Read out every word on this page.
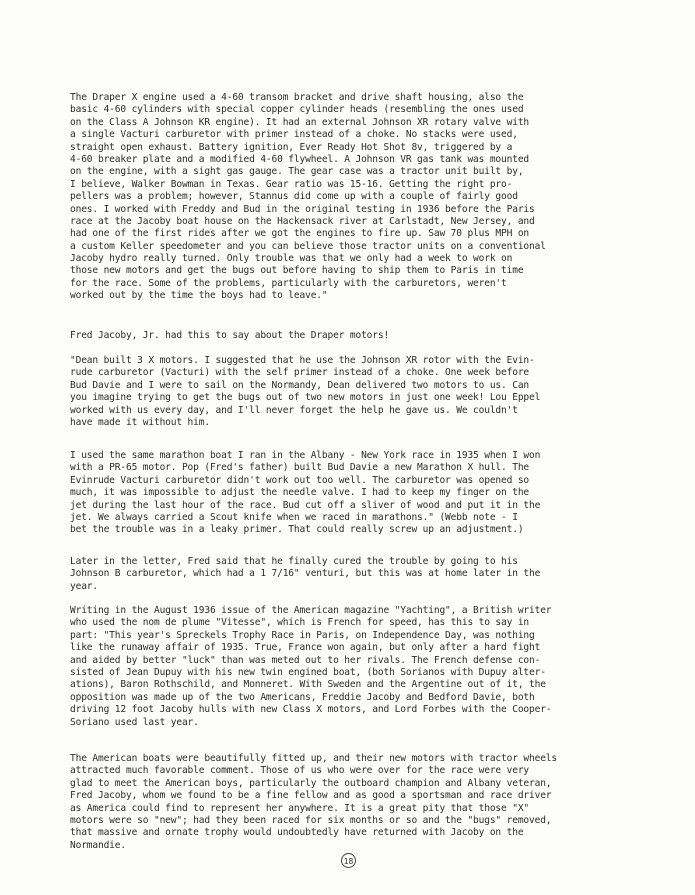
The Draper X engine used a 4-60 transom bracket and drive shaft housing, also the
basic 4-60 cylinders with special copper cylinder heads (resembling the ones used
on the Class A Johnson KR engine). It had an external Johnson XR rotary valve with
a single Vacturi carburetor with primer instead of a choke. No stacks were used,
straight open exhaust. Battery ignition, Ever Ready Hot Shot 8v, triggered by a
4-60 breaker plate and a modified 4-60 flywheel. A Johnson VR gas tank was mounted
on the engine, with a sight gas gauge. The gear case was a tractor unit built by,
I believe, Walker Bowman in Texas. Gear ratio was 15-16. Getting the right pro-
pellers was a problem; however, Stannus did come up with a couple of fairly good
ones. I worked with Freddy and Bud in the original testing in 1936 before the Paris
race at the Jacoby boat house on the Hackensack river at Carlstadt, New Jersey, and
had one of the first rides after we got the engines to fire up. Saw 70 plus MPH on
a custom Keller speedometer and you can believe those tractor units on a conventional
Jacoby hydro really turned. Only trouble was that we only had a week to work on
those new motors and get the bugs out before having to ship them to Paris in time
for the race. Some of the problems, particularly with the carburetors, weren't
worked out by the time the boys had to leave."
Fred Jacoby, Jr. had this to say about the Draper motors!
"Dean built 3 X motors. I suggested that he use the Johnson XR rotor with the Evin-
rude carburetor (Vacturi) with the self primer instead of a choke. One week before
Bud Davie and I were to sail on the Normandy, Dean delivered two motors to us. Can
you imagine trying to get the bugs out of two new motors in just one week! Lou Eppel
worked with us every day, and I'll never forget the help he gave us. We couldn't
have made it without him.
I used the same marathon boat I ran in the Albany - New York race in 1935 when I won
with a PR-65 motor. Pop (Fred's father) built Bud Davie a new Marathon X hull. The
Evinrude Vacturi carburetor didn't work out too well. The carburetor was opened so
much, it was impossible to adjust the needle valve. I had to keep my finger on the
jet during the last hour of the race. Bud cut off a sliver of wood and put it in the
jet. We always carried a Scout knife when we raced in marathons." (Webb note - I
bet the trouble was in a leaky primer. That could really screw up an adjustment.)
Later in the letter, Fred said that he finally cured the trouble by going to his
Johnson B carburetor, which had a 1 7/16" venturi, but this was at home later in the
year.
Writing in the August 1936 issue of the American magazine "Yachting", a British writer
who used the nom de plume "Vitesse", which is French for speed, has this to say in
part: "This year's Spreckels Trophy Race in Paris, on Independence Day, was nothing
like the runaway affair of 1935. True, France won again, but only after a hard fight
and aided by better "luck" than was meted out to her rivals. The French defense con-
sisted of Jean Dupuy with his new twin engined boat, (both Sorianos with Dupuy alter-
ations), Baron Rothschild, and Monneret. With Sweden and the Argentine out of it, the
opposition was made up of the two Americans, Freddie Jacoby and Bedford Davie, both
driving 12 foot Jacoby hulls with new Class X motors, and Lord Forbes with the Cooper-
Soriano used last year.
The American boats were beautifully fitted up, and their new motors with tractor wheels
attracted much favorable comment. Those of us who were over for the race were very
glad to meet the American boys, particularly the outboard champion and Albany veteran,
Fred Jacoby, whom we found to be a fine fellow and as good a sportsman and race driver
as America could find to represent her anywhere. It is a great pity that those "X"
motors were so "new"; had they been raced for six months or so and the "bugs" removed,
that massive and ornate trophy would undoubtedly have returned with Jacoby on the
Normandie.
18
